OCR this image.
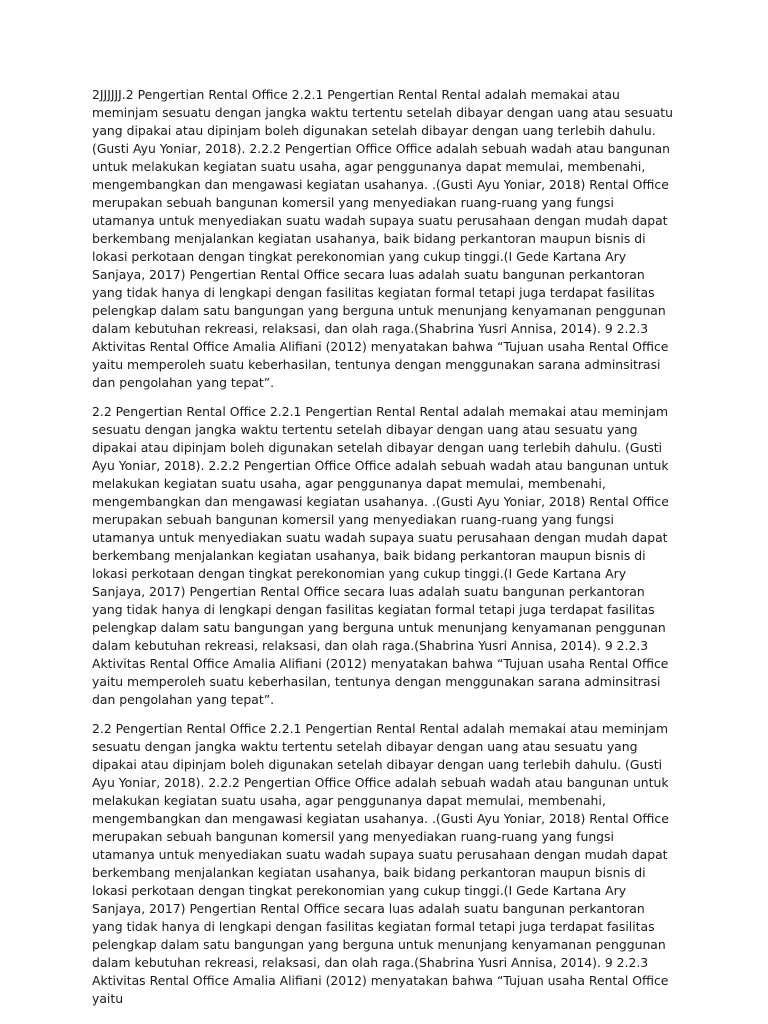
2JJJJJJ.2 Pengertian Rental Office 2.2.1 Pengertian Rental Rental adalah memakai atau meminjam sesuatu dengan jangka waktu tertentu setelah dibayar dengan uang atau sesuatu yang dipakai atau dipinjam boleh digunakan setelah dibayar dengan uang terlebih dahulu. (Gusti Ayu Yoniar, 2018). 2.2.2 Pengertian Office Office adalah sebuah wadah atau bangunan untuk melakukan kegiatan suatu usaha, agar penggunanya dapat memulai, membenahi, mengembangkan dan mengawasi kegiatan usahanya. .(Gusti Ayu Yoniar, 2018) Rental Office merupakan sebuah bangunan komersil yang menyediakan ruang-ruang yang fungsi utamanya untuk menyediakan suatu wadah supaya suatu perusahaan dengan mudah dapat berkembang menjalankan kegiatan usahanya, baik bidang perkantoran maupun bisnis di lokasi perkotaan dengan tingkat perekonomian yang cukup tinggi.(I Gede Kartana Ary Sanjaya, 2017) Pengertian Rental Office secara luas adalah suatu bangunan perkantoran yang tidak hanya di lengkapi dengan fasilitas kegiatan formal tetapi juga terdapat fasilitas pelengkap dalam satu bangungan yang berguna untuk menunjang kenyamanan penggunan dalam kebutuhan rekreasi, relaksasi, dan olah raga.(Shabrina Yusri Annisa, 2014). 9 2.2.3 Aktivitas Rental Office Amalia Alifiani (2012) menyatakan bahwa “Tujuan usaha Rental Office yaitu memperoleh suatu keberhasilan, tentunya dengan menggunakan sarana adminsitrasi dan pengolahan yang tepat”.

2.2 Pengertian Rental Office 2.2.1 Pengertian Rental Rental adalah memakai atau meminjam sesuatu dengan jangka waktu tertentu setelah dibayar dengan uang atau sesuatu yang dipakai atau dipinjam boleh digunakan setelah dibayar dengan uang terlebih dahulu. (Gusti Ayu Yoniar, 2018). 2.2.2 Pengertian Office Office adalah sebuah wadah atau bangunan untuk melakukan kegiatan suatu usaha, agar penggunanya dapat memulai, membenahi, mengembangkan dan mengawasi kegiatan usahanya. .(Gusti Ayu Yoniar, 2018) Rental Office merupakan sebuah bangunan komersil yang menyediakan ruang-ruang yang fungsi utamanya untuk menyediakan suatu wadah supaya suatu perusahaan dengan mudah dapat berkembang menjalankan kegiatan usahanya, baik bidang perkantoran maupun bisnis di lokasi perkotaan dengan tingkat perekonomian yang cukup tinggi.(I Gede Kartana Ary Sanjaya, 2017) Pengertian Rental Office secara luas adalah suatu bangunan perkantoran yang tidak hanya di lengkapi dengan fasilitas kegiatan formal tetapi juga terdapat fasilitas pelengkap dalam satu bangungan yang berguna untuk menunjang kenyamanan penggunan dalam kebutuhan rekreasi, relaksasi, dan olah raga.(Shabrina Yusri Annisa, 2014). 9 2.2.3 Aktivitas Rental Office Amalia Alifiani (2012) menyatakan bahwa “Tujuan usaha Rental Office yaitu memperoleh suatu keberhasilan, tentunya dengan menggunakan sarana adminsitrasi dan pengolahan yang tepat”.

2.2 Pengertian Rental Office 2.2.1 Pengertian Rental Rental adalah memakai atau meminjam sesuatu dengan jangka waktu tertentu setelah dibayar dengan uang atau sesuatu yang dipakai atau dipinjam boleh digunakan setelah dibayar dengan uang terlebih dahulu. (Gusti Ayu Yoniar, 2018). 2.2.2 Pengertian Office Office adalah sebuah wadah atau bangunan untuk melakukan kegiatan suatu usaha, agar penggunanya dapat memulai, membenahi, mengembangkan dan mengawasi kegiatan usahanya. .(Gusti Ayu Yoniar, 2018) Rental Office merupakan sebuah bangunan komersil yang menyediakan ruang-ruang yang fungsi utamanya untuk menyediakan suatu wadah supaya suatu perusahaan dengan mudah dapat berkembang menjalankan kegiatan usahanya, baik bidang perkantoran maupun bisnis di lokasi perkotaan dengan tingkat perekonomian yang cukup tinggi.(I Gede Kartana Ary Sanjaya, 2017) Pengertian Rental Office secara luas adalah suatu bangunan perkantoran yang tidak hanya di lengkapi dengan fasilitas kegiatan formal tetapi juga terdapat fasilitas pelengkap dalam satu bangungan yang berguna untuk menunjang kenyamanan penggunan dalam kebutuhan rekreasi, relaksasi, dan olah raga.(Shabrina Yusri Annisa, 2014). 9 2.2.3 Aktivitas Rental Office Amalia Alifiani (2012) menyatakan bahwa “Tujuan usaha Rental Office yaitu
